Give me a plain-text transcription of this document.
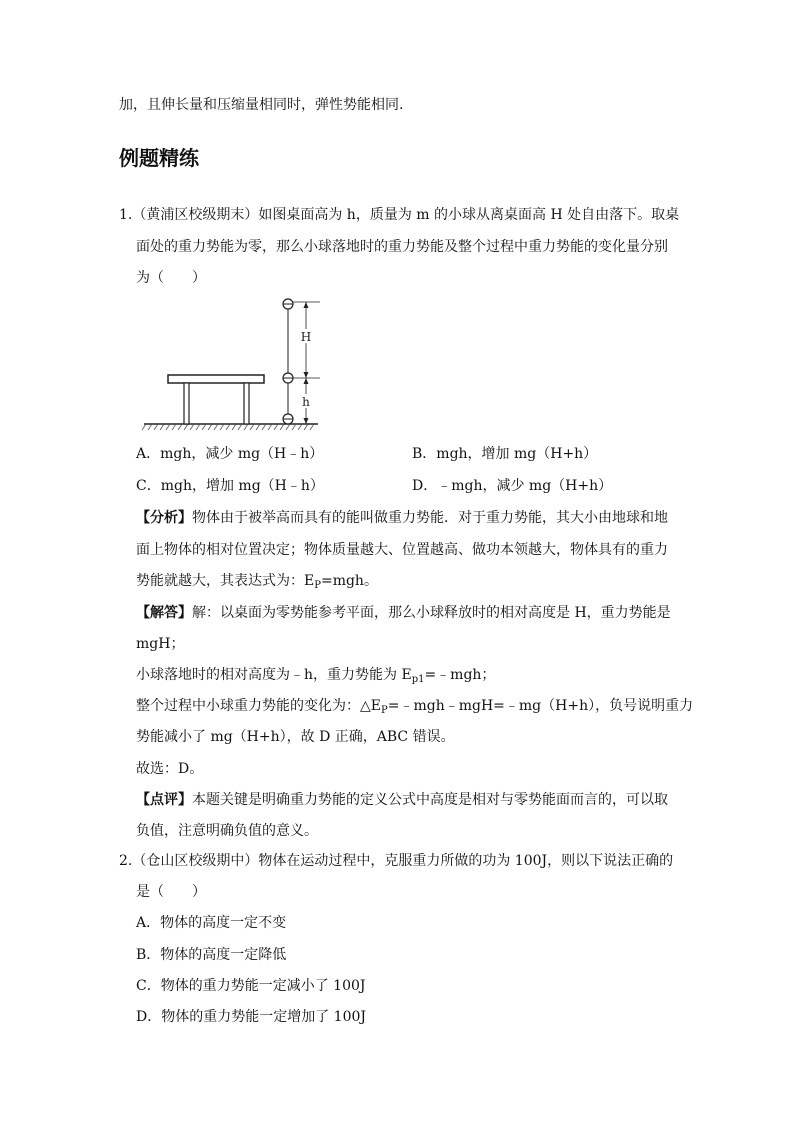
加，且伸长量和压缩量相同时，弹性势能相同.
例题精练
1.（黄浦区校级期末）如图桌面高为 h，质量为 m 的小球从离桌面高 H 处自由落下。取桌
面处的重力势能为零，那么小球落地时的重力势能及整个过程中重力势能的变化量分别
为（　　）
H
h
A．mgh，减少 mg（H﹣h）	B．mgh，增加 mg（H+h）
C．mgh，增加 mg（H﹣h）	D．﹣mgh，减少 mg（H+h）
【分析】物体由于被举高而具有的能叫做重力势能．对于重力势能，其大小由地球和地
面上物体的相对位置决定；物体质量越大、位置越高、做功本领越大，物体具有的重力
势能就越大，其表达式为：$E_P=mgh$。
【解答】解：以桌面为零势能参考平面，那么小球释放时的相对高度是 H，重力势能是
mgH；
小球落地时的相对高度为﹣h，重力势能为 $E_{p1}=﹣mgh$；
整个过程中小球重力势能的变化为：$\triangle E_P=﹣mgh﹣mgH=﹣mg(H+h)$，负号说明重力
势能减小了 mg（H+h），故 D 正确，ABC 错误。
故选：D。
【点评】本题关键是明确重力势能的定义公式中高度是相对与零势能面而言的，可以取
负值，注意明确负值的意义。
2.（仓山区校级期中）物体在运动过程中，克服重力所做的功为 100J，则以下说法正确的
是（　　）
A．物体的高度一定不变
B．物体的高度一定降低
C．物体的重力势能一定减小了 100J
D．物体的重力势能一定增加了 100J
